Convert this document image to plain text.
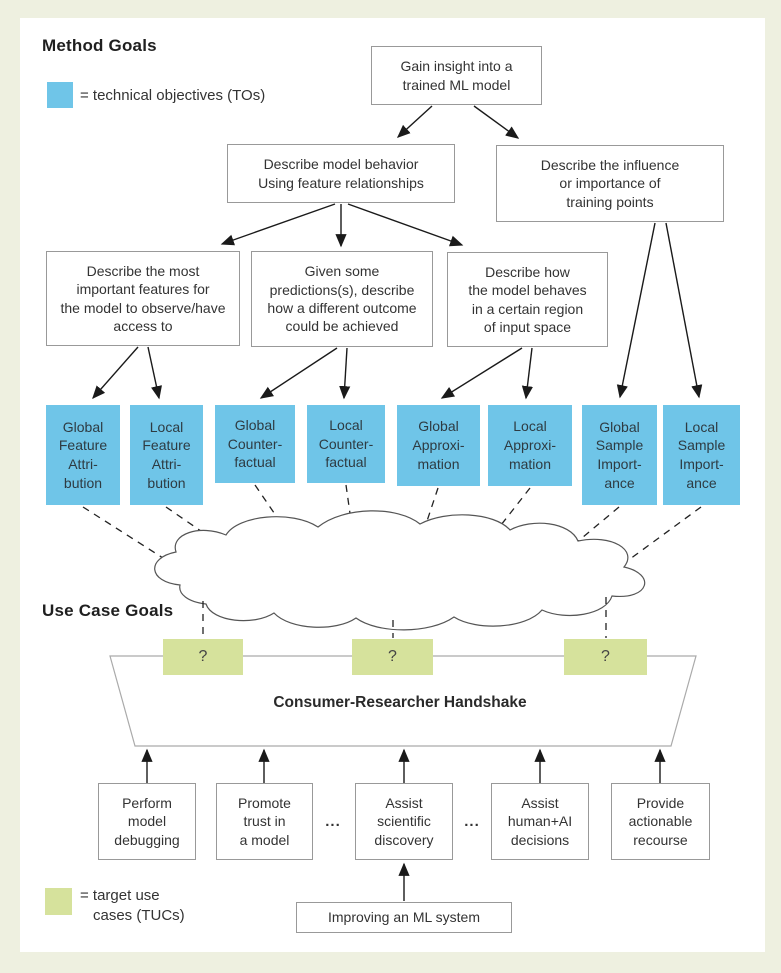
Method Goals
Use Case Goals
= technical objectives (TOs)
Gain insight into a
trained ML model
Describe model behavior
Using feature relationships
Describe the influence
or importance of
training points
Describe the most
important features for
the model to observe/have
access to
Given some
predictions(s), describe
how a different outcome
could be achieved
Describe how
the model behaves
in a certain region
of input space
Global
Feature
Attri-
bution
Local
Feature
Attri-
bution
Global
Counter-
factual
Local
Counter-
factual
Global
Approxi-
mation
Local
Approxi-
mation
Global
Sample
Import-
ance
Local
Sample
Import-
ance
?	?	?
Consumer-Researcher Handshake
Perform
model
debugging
Promote
trust in
a model
Assist
scientific
discovery
Assist
human+AI
decisions
Provide
actionable
recourse
...	...
Improving an ML system
= target use
cases (TUCs)
